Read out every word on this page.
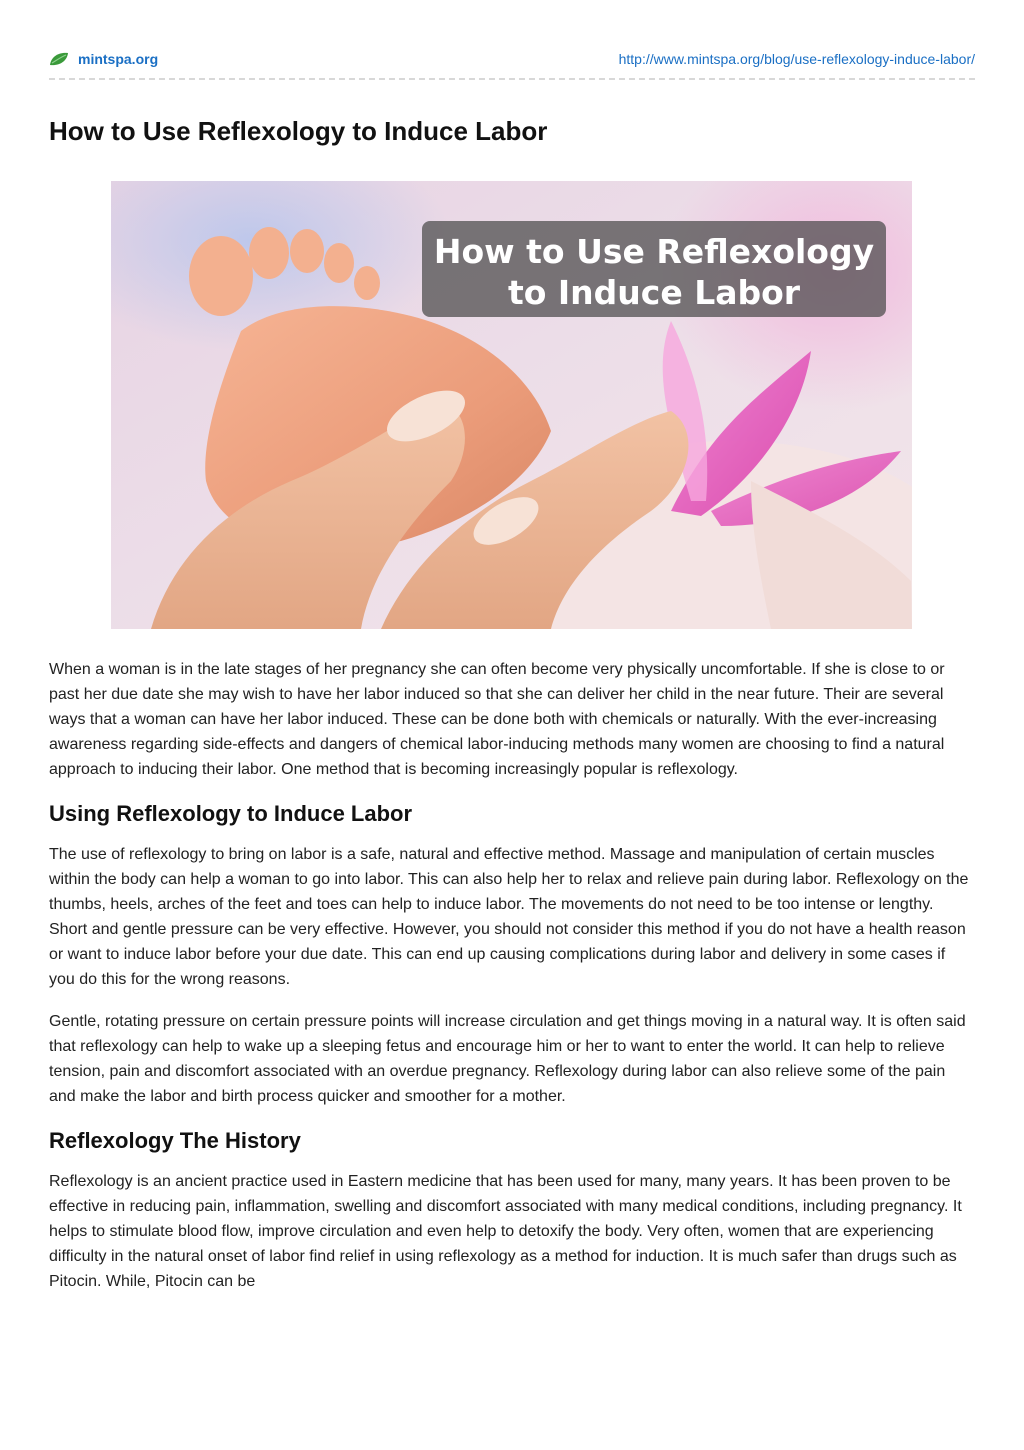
mintspa.org	http://www.mintspa.org/blog/use-reflexology-induce-labor/
How to Use Reflexology to Induce Labor
How to Use Reflexology
to Induce Labor

When a woman is in the late stages of her pregnancy she can often become very physically uncomfortable. If she is close to or past her due date she may wish to have her labor induced so that she can deliver her child in the near future. Their are several ways that a woman can have her labor induced. These can be done both with chemicals or naturally. With the ever-increasing awareness regarding side-effects and dangers of chemical labor-inducing methods many women are choosing to find a natural approach to inducing their labor. One method that is becoming increasingly popular is reflexology.

Using Reflexology to Induce Labor

The use of reflexology to bring on labor is a safe, natural and effective method. Massage and manipulation of certain muscles within the body can help a woman to go into labor. This can also help her to relax and relieve pain during labor. Reflexology on the thumbs, heels, arches of the feet and toes can help to induce labor. The movements do not need to be too intense or lengthy. Short and gentle pressure can be very effective. However, you should not consider this method if you do not have a health reason or want to induce labor before your due date. This can end up causing complications during labor and delivery in some cases if you do this for the wrong reasons.

Gentle, rotating pressure on certain pressure points will increase circulation and get things moving in a natural way. It is often said that reflexology can help to wake up a sleeping fetus and encourage him or her to want to enter the world. It can help to relieve tension, pain and discomfort associated with an overdue pregnancy. Reflexology during labor can also relieve some of the pain and make the labor and birth process quicker and smoother for a mother.

Reflexology The History

Reflexology is an ancient practice used in Eastern medicine that has been used for many, many years. It has been proven to be effective in reducing pain, inflammation, swelling and discomfort associated with many medical conditions, including pregnancy. It helps to stimulate blood flow, improve circulation and even help to detoxify the body. Very often, women that are experiencing difficulty in the natural onset of labor find relief in using reflexology as a method for induction. It is much safer than drugs such as Pitocin. While, Pitocin can be
